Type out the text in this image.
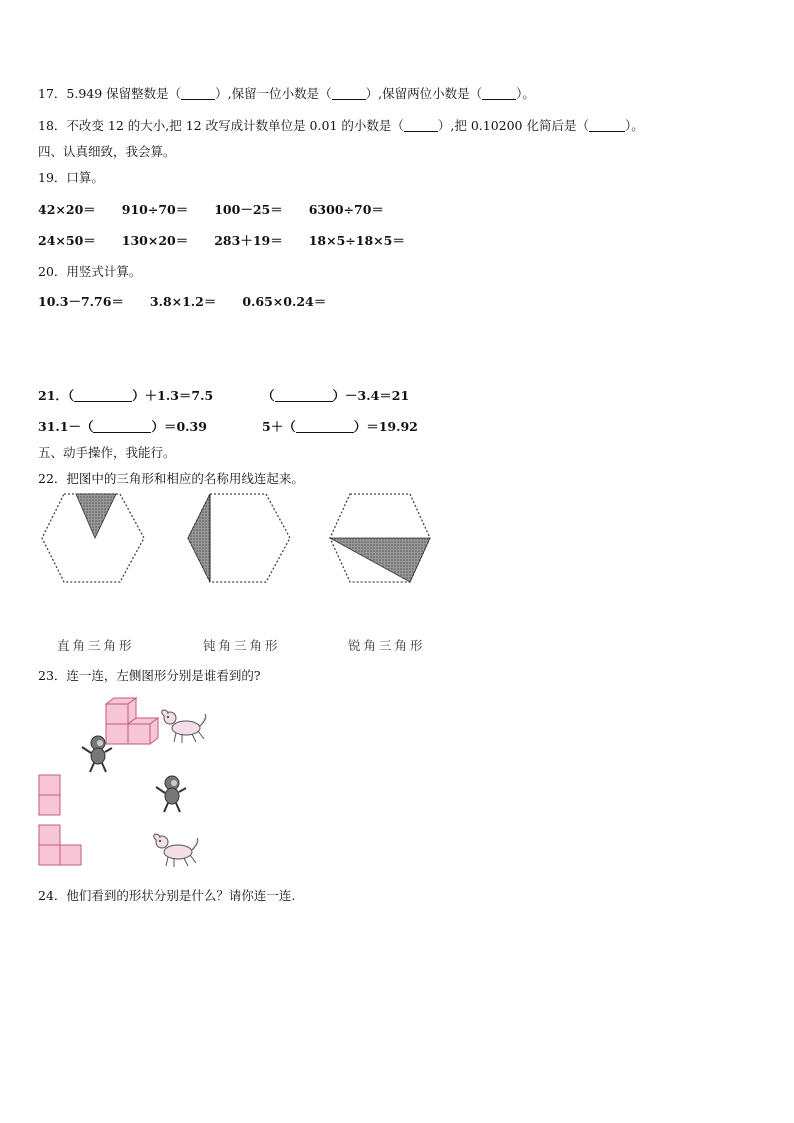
17．5.949 保留整数是（	）,保留一位小数是（	）,保留两位小数是（	）。
18．不改变 12 的大小,把 12 改写成计数单位是 0.01 的小数是（	）,把 0.10200 化简后是（	）。
四、认真细致，我会算。
19．口算。
42×20＝ 910÷70＝ 100－25＝ 6300÷70＝
24×50＝ 130×20＝ 283＋19＝ 18×5÷18×5＝
20．用竖式计算。
10.3－7.76＝ 3.8×1.2＝ 0.65×0.24＝
21．（	）＋1.3＝7.5	（	）－3.4＝21
31.1－（	）＝0.39	5＋（	）＝19.92
五、动手操作，我能行。
22．把图中的三角形和相应的名称用线连起来。
直角三角形	钝角三角形	锐角三角形
23．连一连，左侧图形分别是谁看到的?
24．他们看到的形状分别是什么？请你连一连.
